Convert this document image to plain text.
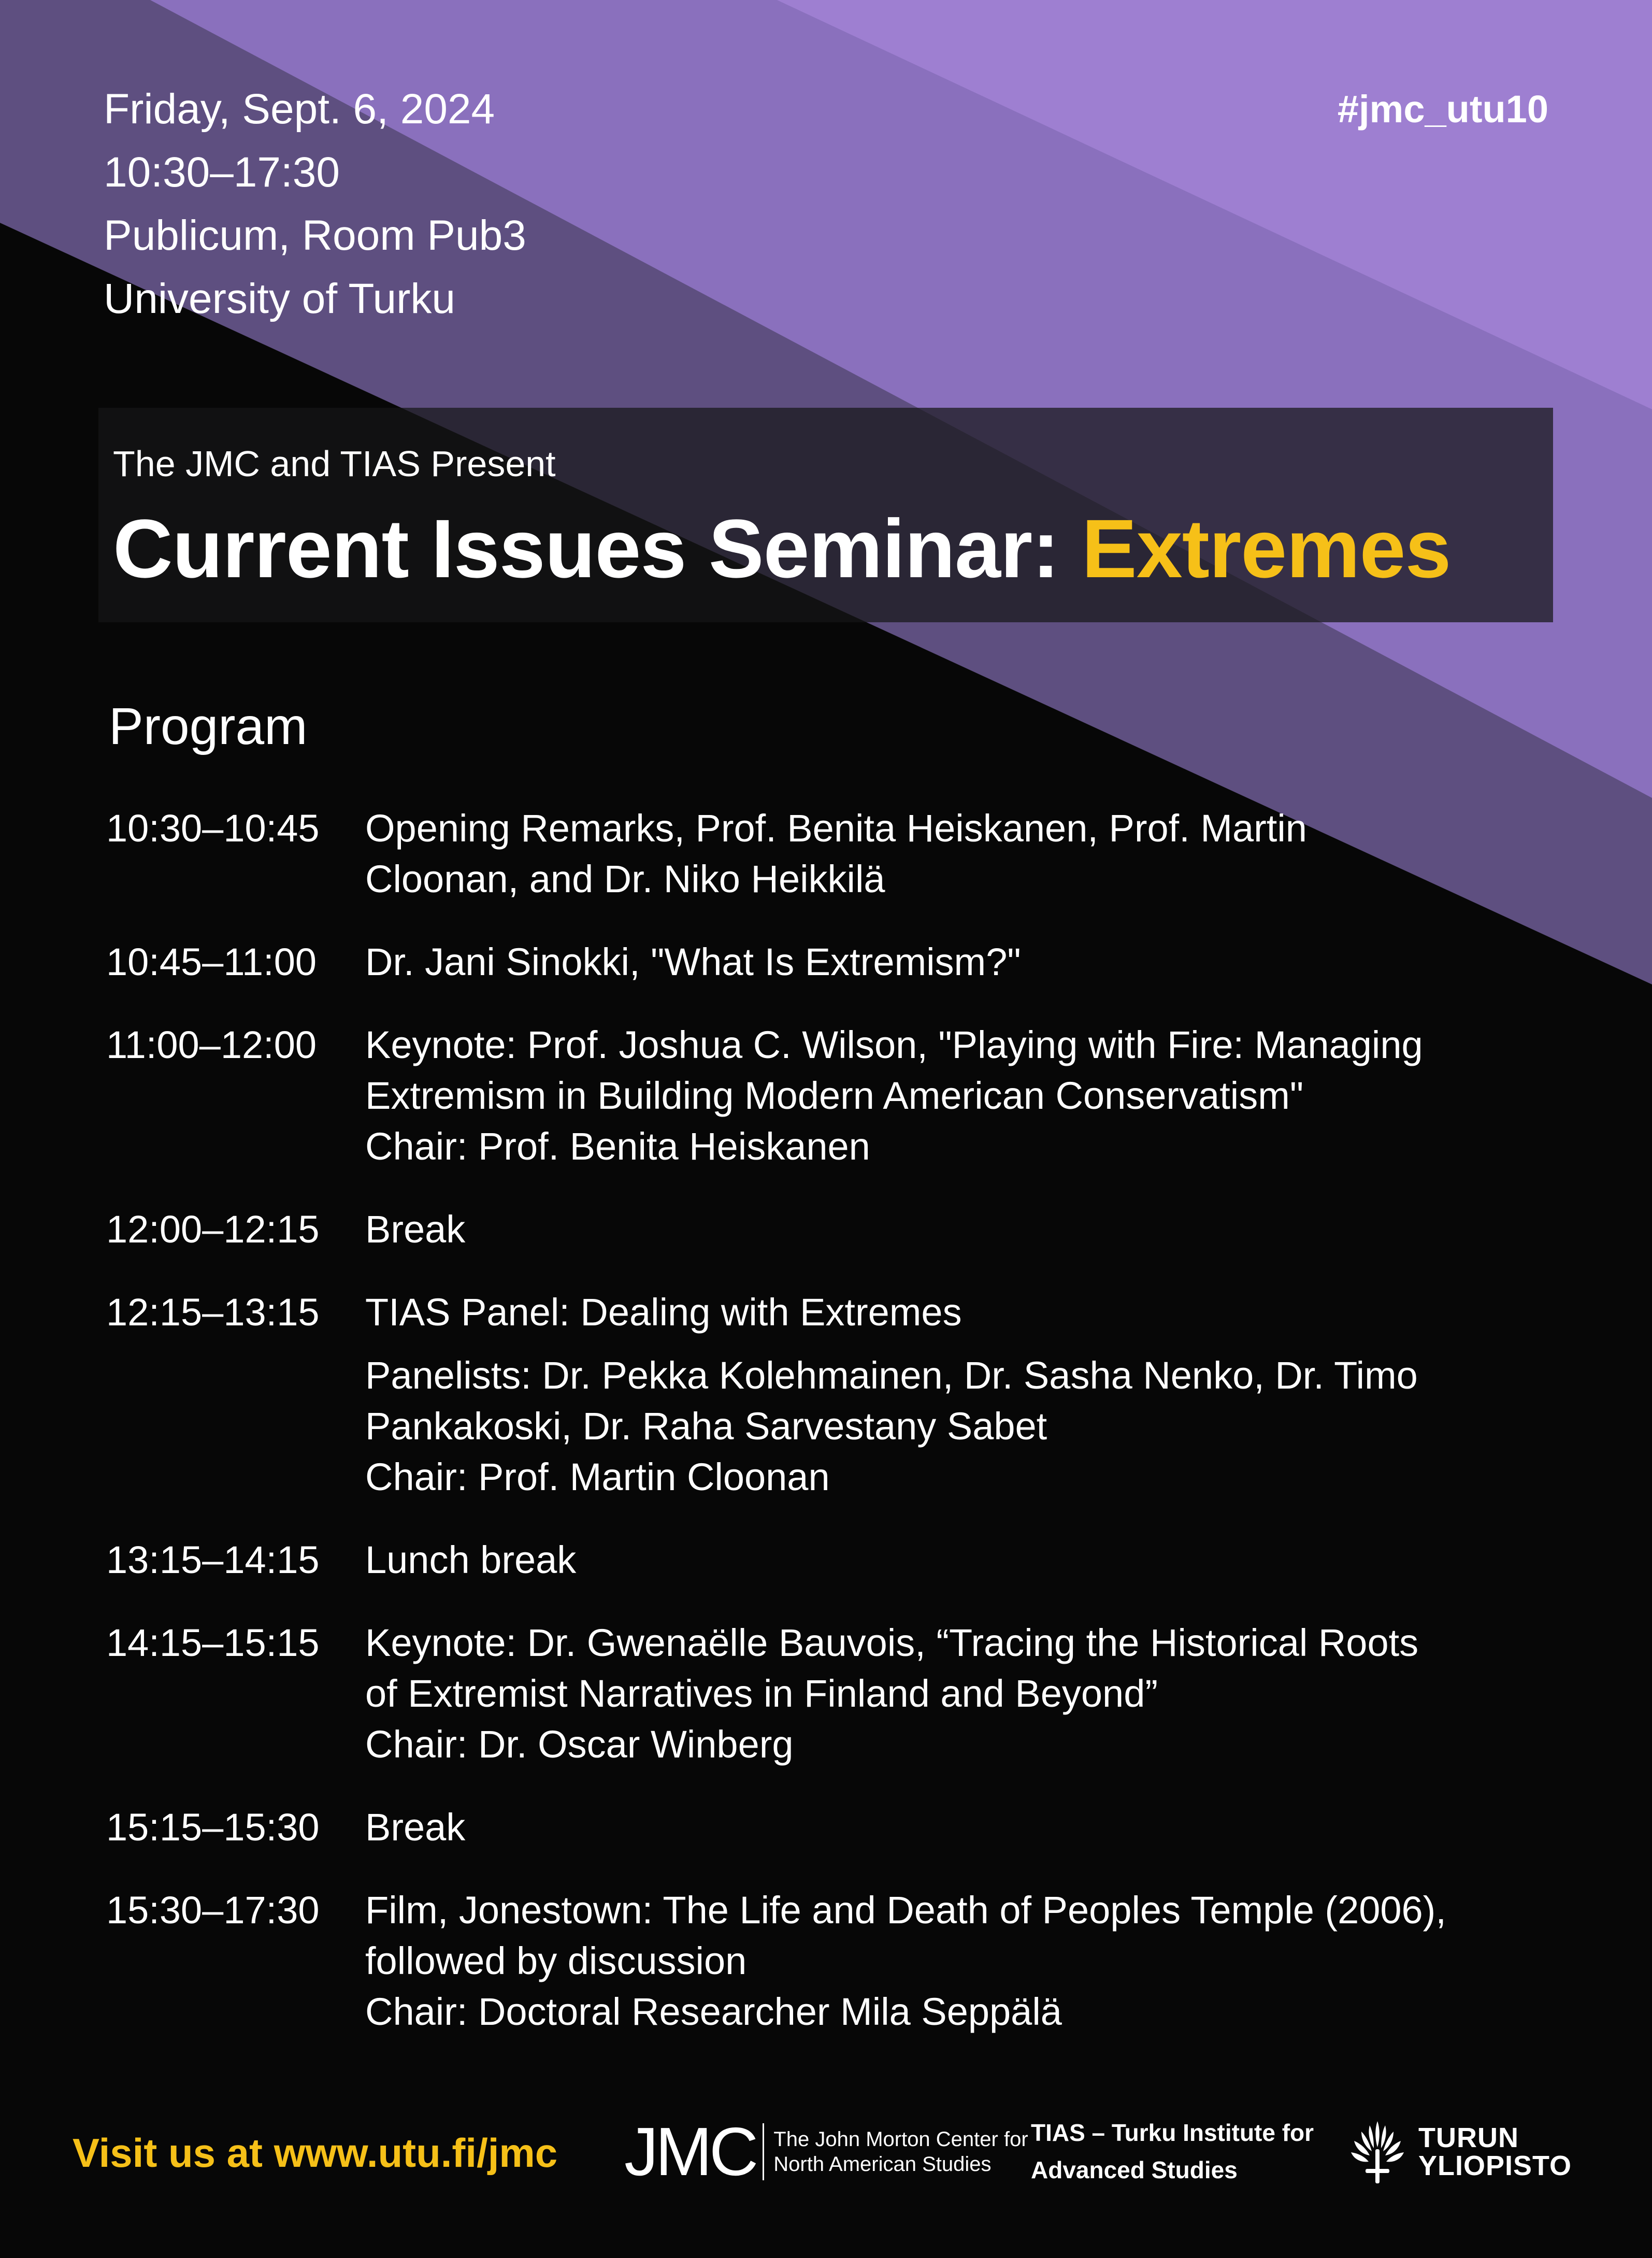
Friday, Sept. 6, 2024
10:30–17:30
Publicum, Room Pub3
University of Turku
#jmc_utu10
The JMC and TIAS Present
Current Issues Seminar: Extremes
Program
10:30–10:45	Opening Remarks, Prof. Benita Heiskanen, Prof. Martin
Cloonan, and Dr. Niko Heikkilä
10:45–11:00	Dr. Jani Sinokki, "What Is Extremism?"
11:00–12:00	Keynote: Prof. Joshua C. Wilson, "Playing with Fire: Managing
Extremism in Building Modern American Conservatism"
Chair: Prof. Benita Heiskanen
12:00–12:15	Break
12:15–13:15	TIAS Panel: Dealing with Extremes
Panelists: Dr. Pekka Kolehmainen, Dr. Sasha Nenko, Dr. Timo
Pankakoski, Dr. Raha Sarvestany Sabet
Chair: Prof. Martin Cloonan
13:15–14:15	Lunch break
14:15–15:15	Keynote: Dr. Gwenaëlle Bauvois, “Tracing the Historical Roots
of Extremist Narratives in Finland and Beyond”
Chair: Dr. Oscar Winberg
15:15–15:30	Break
15:30–17:30	Film, Jonestown: The Life and Death of Peoples Temple (2006),
followed by discussion
Chair: Doctoral Researcher Mila Seppälä
Visit us at www.utu.fi/jmc JMC The John Morton Center for
North American Studies
TIAS – Turku Institute for
Advanced Studies
TURUN
YLIOPISTO
